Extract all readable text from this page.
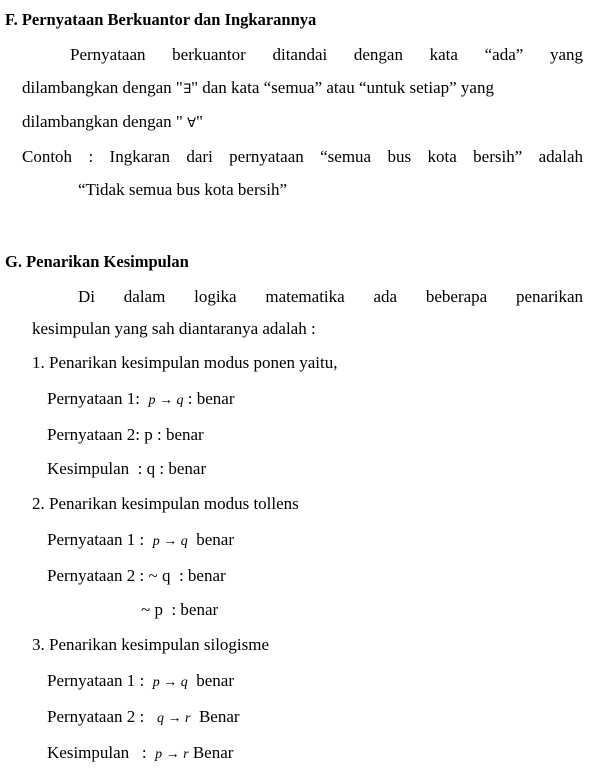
F. Pernyataan Berkuantor dan Ingkarannya
Pernyataan berkuantor ditandai dengan kata “ada” yang
dilambangkan dengan "∃" dan kata “semua” atau “untuk setiap” yang
dilambangkan dengan " ∀"
Contoh : Ingkaran dari pernyataan “semua bus kota bersih” adalah
“Tidak semua bus kota bersih”
G. Penarikan Kesimpulan
Di dalam logika matematika ada beberapa penarikan
kesimpulan yang sah diantaranya adalah :
1. Penarikan kesimpulan modus ponen yaitu,
Pernyataan 1:  p → q : benar
Pernyataan 2: p : benar
Kesimpulan  : q : benar
2. Penarikan kesimpulan modus tollens
Pernyataan 1 :  p → q  benar
Pernyataan 2 : ~ q  : benar
~ p  : benar
3. Penarikan kesimpulan silogisme
Pernyataan 1 :  p → q  benar
Pernyataan 2 :   q → r  Benar
Kesimpulan   :  p → r Benar
